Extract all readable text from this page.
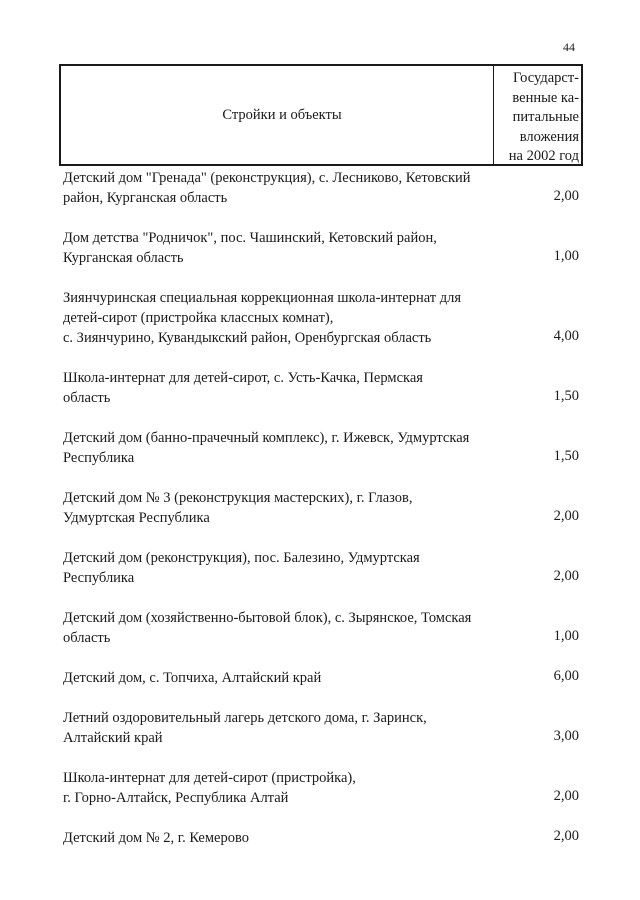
44
Стройки и объекты
Государст-
венные ка-
питальные
вложения
на 2002 год
Детский дом "Гренада" (реконструкция), с. Лесниково, Кетовский
район, Курганская область	2,00
Дом детства "Родничок", пос. Чашинский, Кетовский район,
Курганская область	1,00
Зиянчуринская специальная коррекционная школа-интернат для
детей-сирот (пристройка классных комнат),
с. Зиянчурино, Кувандыкский район, Оренбургская область	4,00
Школа-интернат для детей-сирот, с. Усть-Качка, Пермская
область	1,50
Детский дом (банно-прачечный комплекс), г. Ижевск, Удмуртская
Республика	1,50
Детский дом № 3 (реконструкция мастерских), г. Глазов,
Удмуртская Республика	2,00
Детский дом (реконструкция), пос. Балезино, Удмуртская
Республика	2,00
Детский дом (хозяйственно-бытовой блок), с. Зырянское, Томская
область	1,00
Детский дом, с. Топчиха, Алтайский край	6,00
Летний оздоровительный лагерь детского дома, г. Заринск,
Алтайский край	3,00
Школа-интернат для детей-сирот (пристройка),
г. Горно-Алтайск, Республика Алтай	2,00
Детский дом № 2, г. Кемерово	2,00
